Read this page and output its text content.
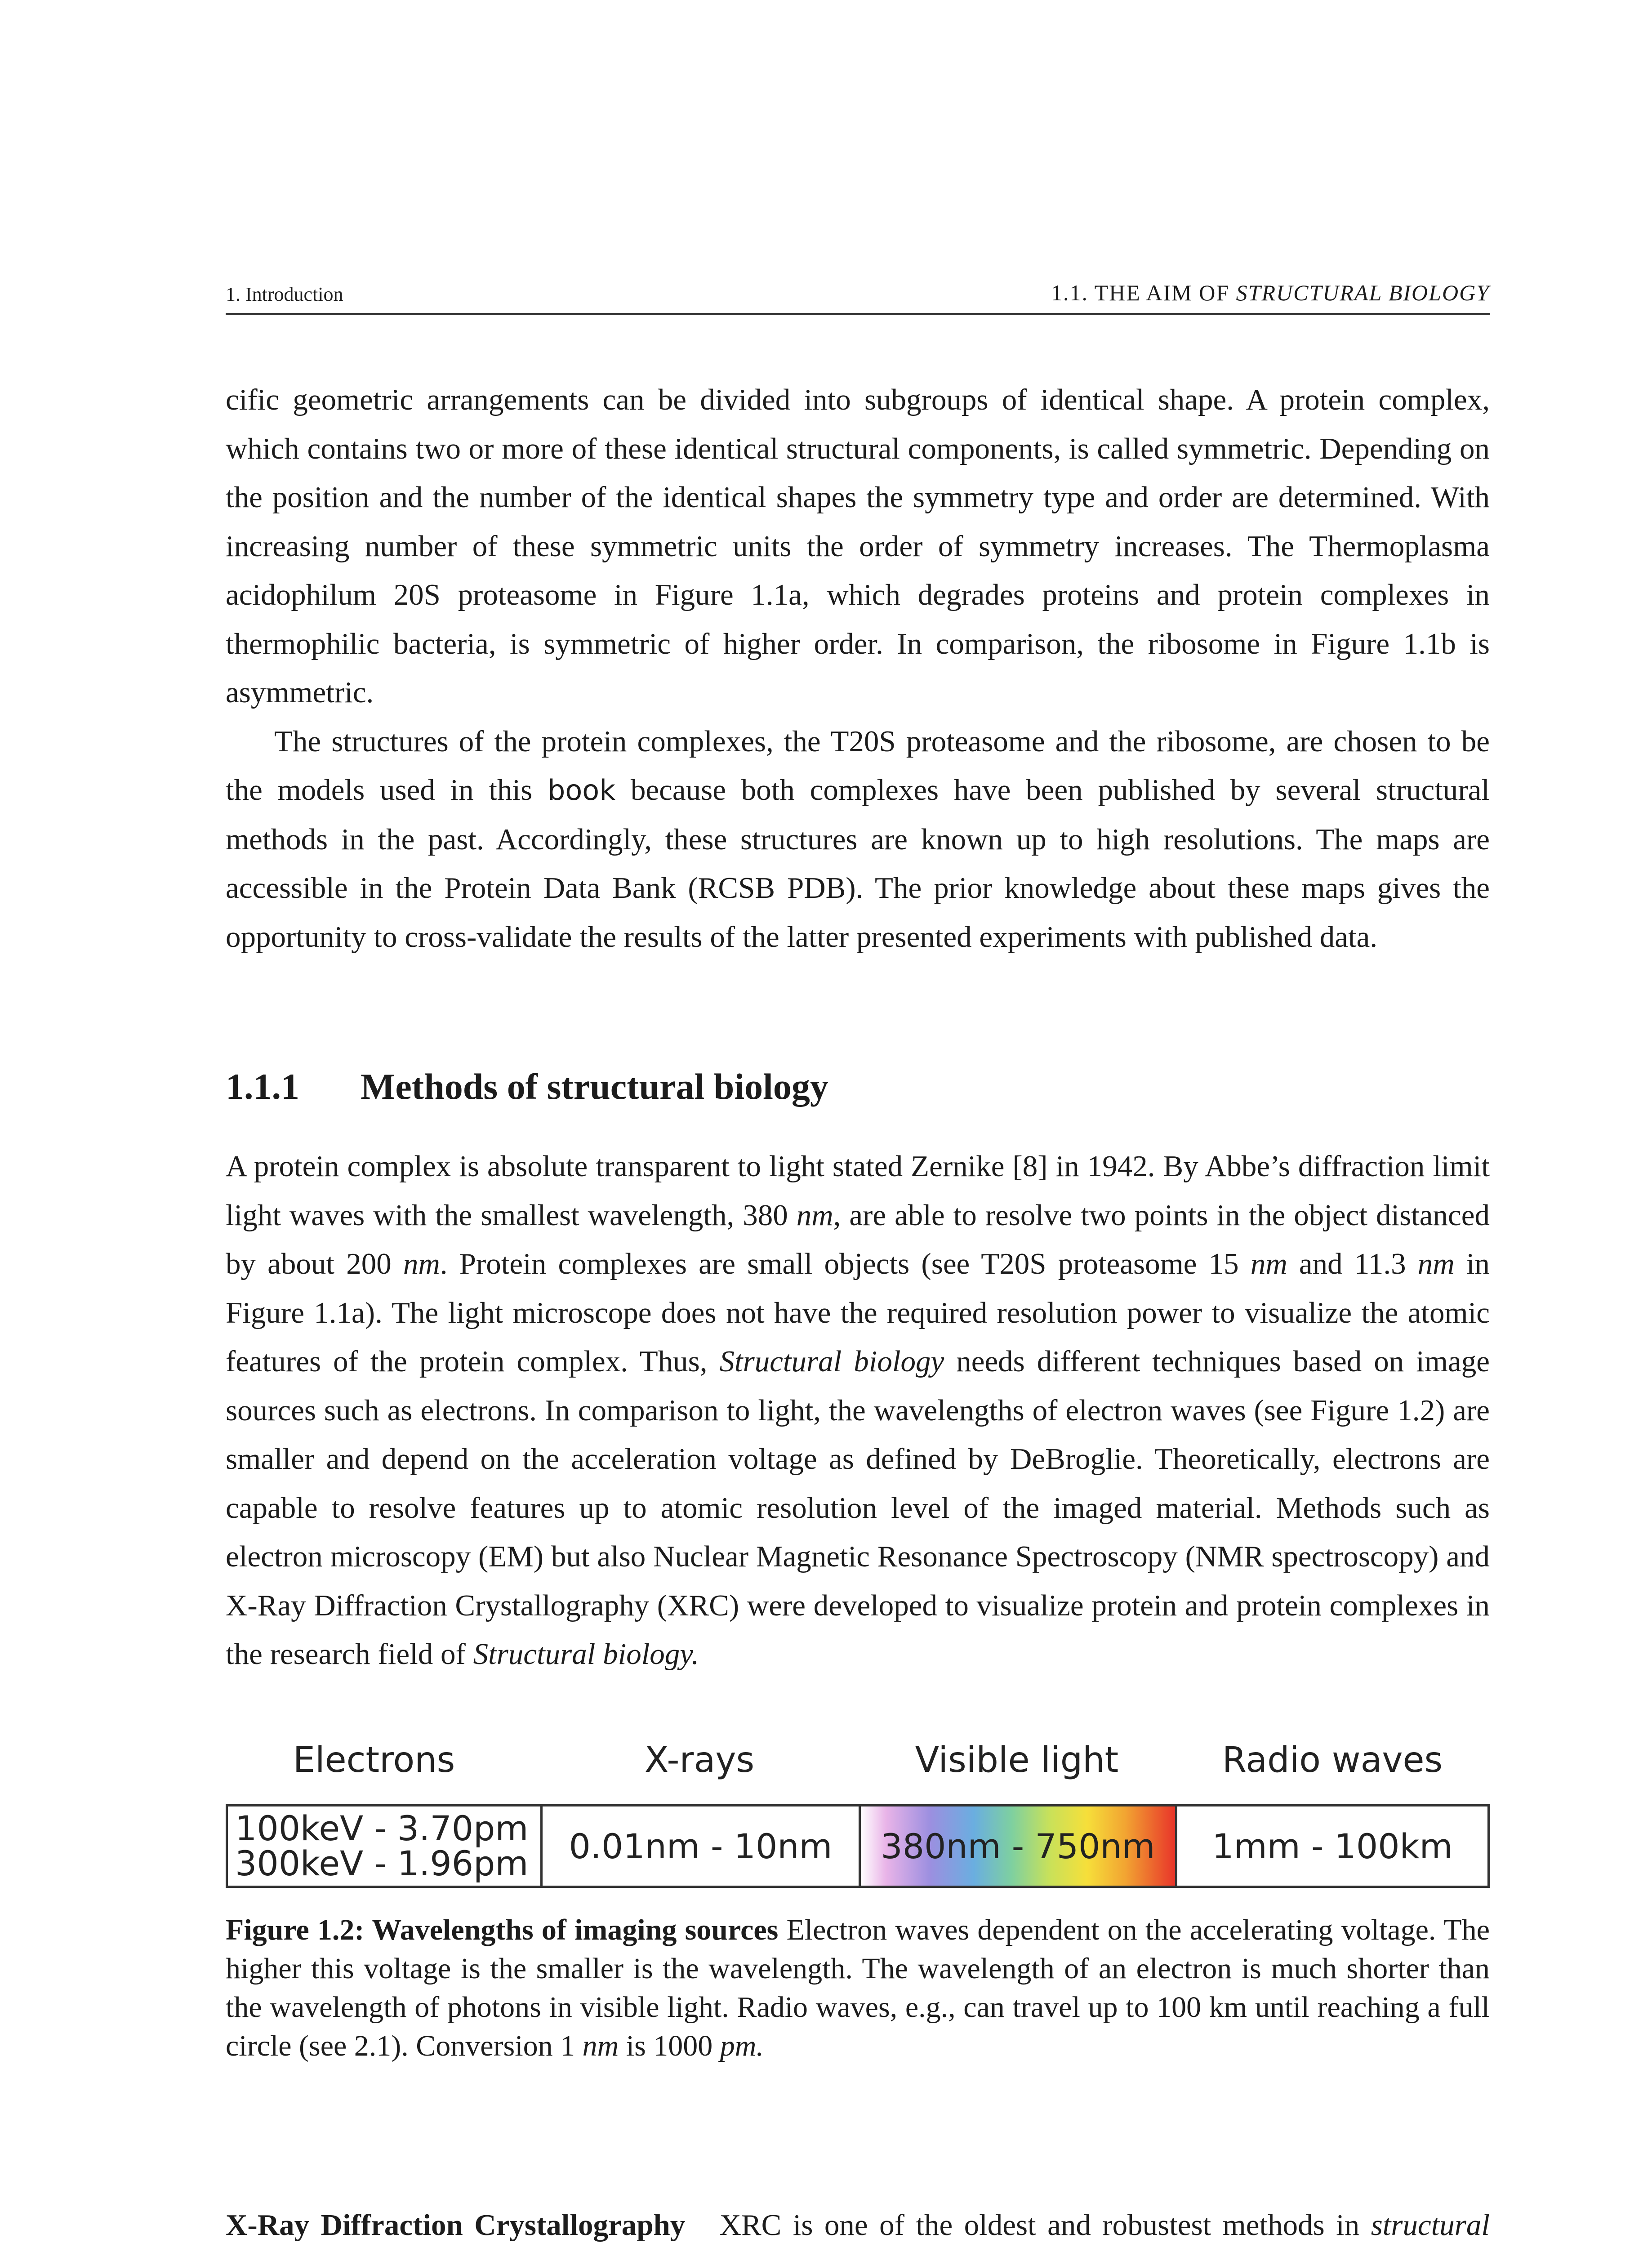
1. Introduction	1.1. THE AIM OF STRUCTURAL BIOLOGY

cific geometric arrangements can be divided into subgroups of identical shape. A protein complex, which contains two or more of these identical structural components, is called symmetric. Depending on the position and the number of the identical shapes the symmetry type and order are determined. With increasing number of these symmetric units the order of symmetry increases. The Thermoplasma acidophilum 20S proteasome in Figure 1.1a, which degrades proteins and protein complexes in thermophilic bacteria, is symmetric of higher order. In comparison, the ribosome in Figure 1.1b is asymmetric.

The structures of the protein complexes, the T20S proteasome and the ribosome, are chosen to be the models used in this book because both complexes have been published by several structural methods in the past. Accordingly, these structures are known up to high resolutions. The maps are accessible in the Protein Data Bank (RCSB PDB). The prior knowledge about these maps gives the opportunity to cross-validate the results of the latter presented experiments with published data.

1.1.1 Methods of structural biology

A protein complex is absolute transparent to light stated Zernike [8] in 1942. By Abbe’s diffraction limit light waves with the smallest wavelength, 380 nm, are able to resolve two points in the object distanced by about 200 nm. Protein complexes are small objects (see T20S proteasome 15 nm and 11.3 nm in Figure 1.1a). The light microscope does not have the required resolution power to visualize the atomic features of the protein complex. Thus, Structural biology needs different techniques based on image sources such as electrons. In comparison to light, the wavelengths of electron waves (see Figure 1.2) are smaller and depend on the acceleration voltage as defined by DeBroglie. Theoretically, electrons are capable to resolve features up to atomic resolution level of the imaged material. Methods such as electron microscopy (EM) but also Nuclear Magnetic Resonance Spectroscopy (NMR spectroscopy) and X-Ray Diffraction Crystallography (XRC) were developed to visualize protein and protein complexes in the research field of Structural biology.

Electrons	X-rays	Visible light	Radio waves
100keV - 3.70pm
300keV - 1.96pm	0.01nm - 10nm	380nm - 750nm	1mm - 100km
Figure 1.2: Wavelengths of imaging sources Electron waves dependent on the accelerating voltage. The higher this voltage is the smaller is the wavelength. The wavelength of an electron is much shorter than the wavelength of photons in visible light. Radio waves, e.g., can travel up to 100 km until reaching a full circle (see 2.1). Conversion 1 nm is 1000 pm.
X-Ray Diffraction Crystallography   XRC is one of the oldest and robustest methods in structural
